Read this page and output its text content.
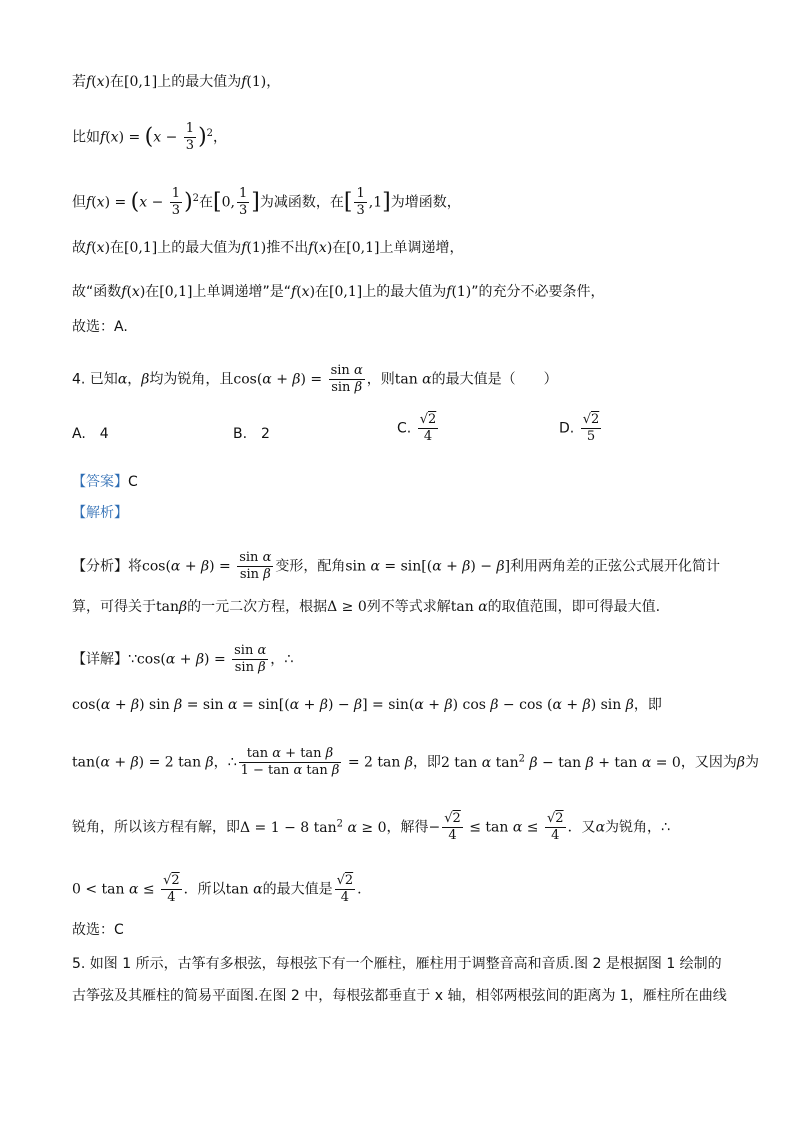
若f(x)在[0,1]上的最大值为f(1)，
比如$f(x) = (x - \frac{1}{3} )^2$，
但$f(x) = (x - \frac{1}{3} )^2$在[0, $\frac{1}{3}$ ]为减函数，在[ $\frac{1}{3} ,1$]为增函数，
故f(x)在[0,1]上的最大值为f(1)推不出f(x)在[0,1]上单调递增，
故“函数f(x)在[0,1]上单调递增”是“f(x)在[0,1]上的最大值为f(1)”的充分不必要条件，
故选：A.
4. 已知α，β均为锐角，且$\cos(\alpha + \beta) = \frac{\text{sin α}}{\text{sin β}}$ ，则tan α的最大值是（　　）
A.　4	B.　2	C. $\frac{√2}{4}$	D. $\frac{√2}{5}$
【答案】C
【解析】
【分析】将$\cos(\alpha + \beta) = \frac{\text{sin α}}{\text{sin β}}$ 变形，配角sin α = sin[(α + β) − β]利用两角差的正弦公式展开化简计
算，可得关于tanβ的一元二次方程，根据Δ ≥ 0列不等式求解tan α的取值范围，即可得最大值.
【详解】∵cos(α + $\beta) = \frac{\text{sin α}}{\text{sin β}}$ ，∴
cos(α + β) sin β = sin α = sin[(α + β) − β] = sin(α + β) cos β − cos (α + β) sin β，即
tan(α + β) = 2 tan β，∴ $\frac{\text{tan α + tan β}}{\text{1 − tan α tan β}} = 2$ tan β，即2 tan α $\tan^2 \beta - \tan \beta + \tan \alpha = 0$，又因为β为
锐角，所以该方程有解，即Δ = 1 − 8 $\tan^2 \alpha \ge 0$，解得− $\frac{√2}{4} \le \tan \alpha \le \frac{√2}{4}$ ．又α为锐角，∴
$0 < \tan \alpha \le \frac{√2}{4}$ ．所以tan α的最大值是 $\frac{√2}{4}$ .
故选：C
5. 如图 1 所示，古筝有多根弦，每根弦下有一个雁柱，雁柱用于调整音高和音质.图 2 是根据图 1 绘制的
古筝弦及其雁柱的简易平面图.在图 2 中，每根弦都垂直于 x 轴，相邻两根弦间的距离为 1，雁柱所在曲线
